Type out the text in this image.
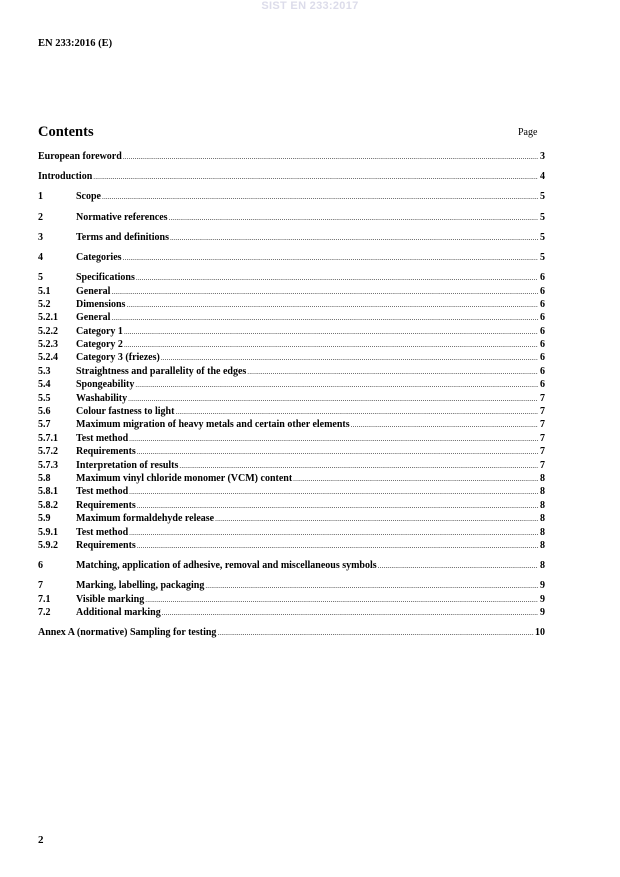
SIST EN 233:2017
EN 233:2016 (E)
Contents	Page
European foreword .....	3
Introduction .....	4
1	Scope .....	5
2	Normative references .....	5
3	Terms and definitions .....	5
4	Categories .....	5
5	Specifications .....	6
5.1	General .....	6
5.2	Dimensions .....	6
5.2.1	General .....	6
5.2.2	Category 1 .....	6
5.2.3	Category 2 .....	6
5.2.4	Category 3 (friezes) .....	6
5.3	Straightness and parallelity of the edges .....	6
5.4	Spongeability .....	6
5.5	Washability .....	7
5.6	Colour fastness to light .....	7
5.7	Maximum migration of heavy metals and certain other elements .....	7
5.7.1	Test method .....	7
5.7.2	Requirements .....	7
5.7.3	Interpretation of results .....	7
5.8	Maximum vinyl chloride monomer (VCM) content .....	8
5.8.1	Test method .....	8
5.8.2	Requirements .....	8
5.9	Maximum formaldehyde release .....	8
5.9.1	Test method .....	8
5.9.2	Requirements .....	8
6	Matching, application of adhesive, removal and miscellaneous symbols .....	8
7	Marking, labelling, packaging .....	9
7.1	Visible marking .....	9
7.2	Additional marking .....	9
Annex A (normative) Sampling for testing .....	10
2
